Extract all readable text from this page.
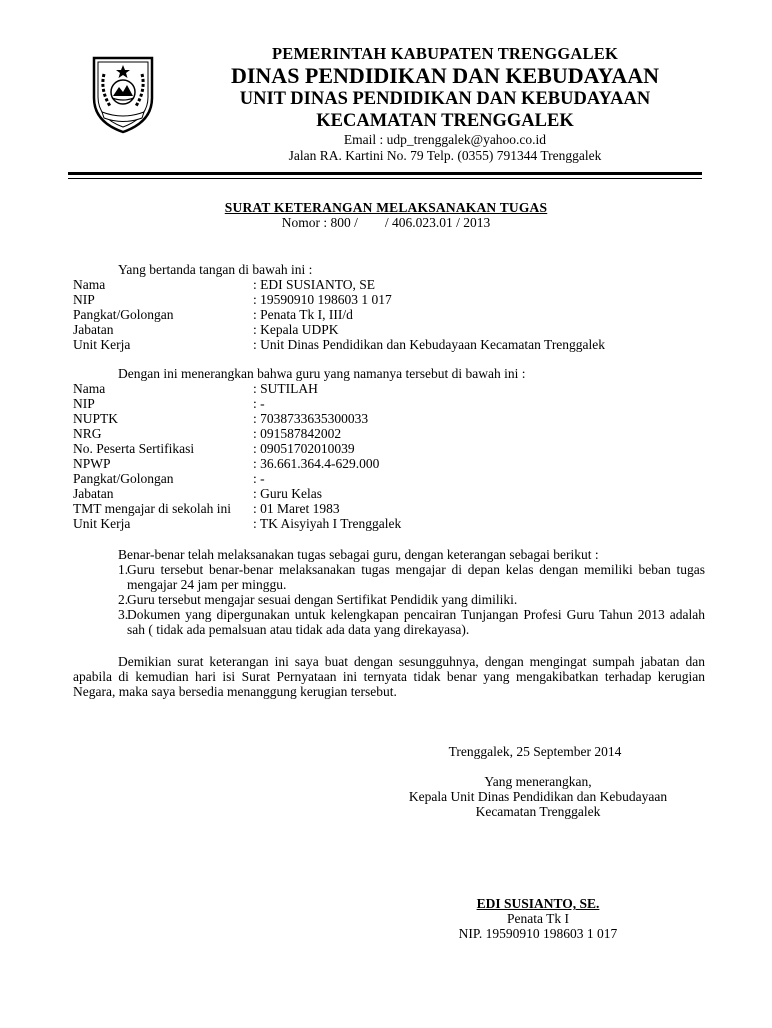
PEMERINTAH KABUPATEN TRENGGALEK
DINAS PENDIDIKAN DAN KEBUDAYAAN
UNIT DINAS PENDIDIKAN DAN KEBUDAYAAN
KECAMATAN TRENGGALEK
Email : udp_trenggalek@yahoo.co.id
Jalan RA. Kartini No. 79 Telp. (0355) 791344 Trenggalek
SURAT KETERANGAN MELAKSANAKAN TUGAS
Nomor : 800 /        / 406.023.01 / 2013
Yang bertanda tangan di bawah ini :
Nama	: EDI SUSIANTO, SE
NIP	: 19590910 198603 1 017
Pangkat/Golongan	: Penata Tk I, III/d
Jabatan	: Kepala UDPK
Unit Kerja	: Unit Dinas Pendidikan dan Kebudayaan Kecamatan Trenggalek
Dengan ini menerangkan bahwa guru yang namanya tersebut di bawah ini :
Nama	: SUTILAH
NIP	: -
NUPTK	: 7038733635300033
NRG	: 091587842002
No. Peserta Sertifikasi	: 09051702010039
NPWP	: 36.661.364.4-629.000
Pangkat/Golongan	: -
Jabatan	: Guru Kelas
TMT mengajar di sekolah ini	: 01 Maret 1983
Unit Kerja	: TK Aisyiyah I Trenggalek
Benar-benar telah melaksanakan tugas sebagai guru, dengan keterangan sebagai berikut :
1.
Guru tersebut benar-benar melaksanakan tugas mengajar di depan kelas dengan memiliki beban tugas mengajar 24 jam per minggu.
2.
Guru tersebut mengajar sesuai dengan Sertifikat Pendidik yang dimiliki.
3.
Dokumen yang dipergunakan untuk kelengkapan pencairan Tunjangan Profesi Guru Tahun 2013 adalah sah ( tidak ada pemalsuan atau tidak ada data yang direkayasa).
Demikian surat keterangan ini saya buat dengan sesungguhnya, dengan mengingat sumpah jabatan dan apabila di kemudian hari isi Surat Pernyataan ini ternyata tidak benar yang mengakibatkan terhadap kerugian Negara, maka saya bersedia menanggung kerugian tersebut.
Trenggalek, 25 September 2014
Yang menerangkan,
Kepala Unit Dinas Pendidikan dan Kebudayaan
Kecamatan Trenggalek
EDI SUSIANTO, SE.
Penata Tk I
NIP. 19590910 198603 1 017
